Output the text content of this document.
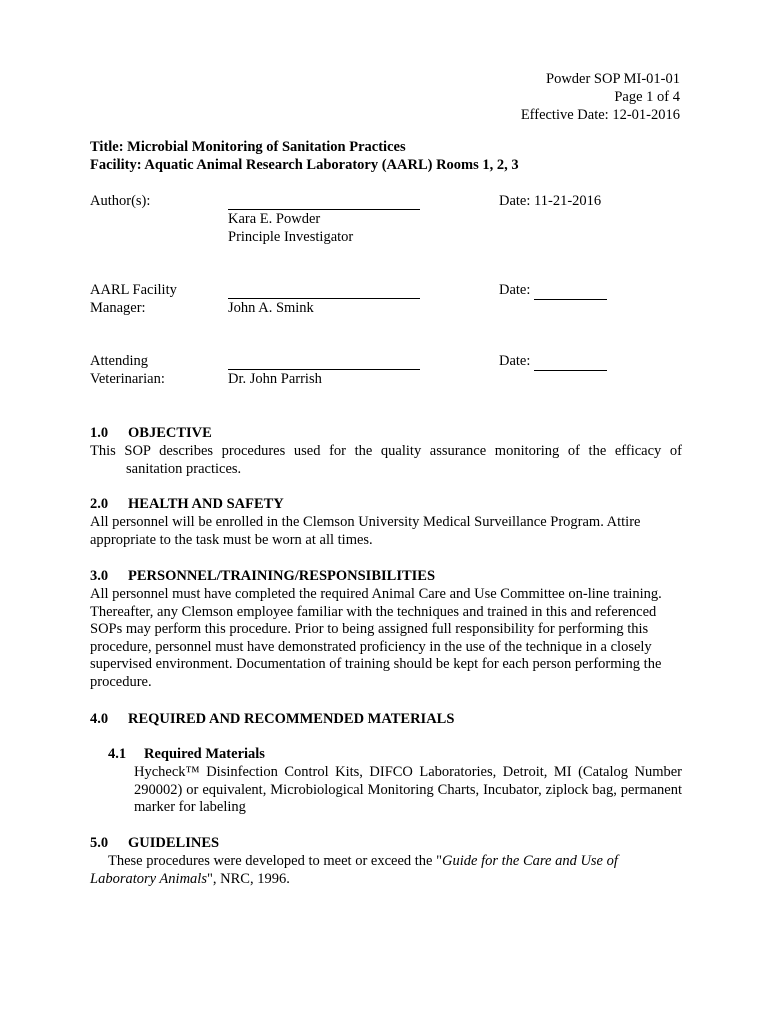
Powder SOP MI-01-01
Page 1 of 4
Effective Date: 12-01-2016
Title: Microbial Monitoring of Sanitation Practices
Facility: Aquatic Animal Research Laboratory (AARL) Rooms 1, 2, 3
Author(s):
Kara E. Powder
Principle Investigator
Date: 11-21-2016
AARL Facility
Manager:	John A. Smink
Date:
Attending
Veterinarian:	Dr. John Parrish
Date:
1.0 OBJECTIVE
This SOP describes procedures used for the quality assurance monitoring of the efficacy of
sanitation practices.
2.0 HEALTH AND SAFETY
All personnel will be enrolled in the Clemson University Medical Surveillance Program. Attire appropriate to the task must be worn at all times.
3.0 PERSONNEL/TRAINING/RESPONSIBILITIES
All personnel must have completed the required Animal Care and Use Committee on-line training. Thereafter, any Clemson employee familiar with the techniques and trained in this and referenced SOPs may perform this procedure. Prior to being assigned full responsibility for performing this procedure, personnel must have demonstrated proficiency in the use of the technique in a closely supervised environment. Documentation of training should be kept for each person performing the procedure.
4.0 REQUIRED AND RECOMMENDED MATERIALS
4.1 Required Materials
Hycheck™ Disinfection Control Kits, DIFCO Laboratories, Detroit, MI (Catalog Number 290002) or equivalent, Microbiological Monitoring Charts, Incubator, ziplock bag, permanent marker for labeling
5.0 GUIDELINES
These procedures were developed to meet or exceed the "Guide for the Care and Use of Laboratory Animals", NRC, 1996.
